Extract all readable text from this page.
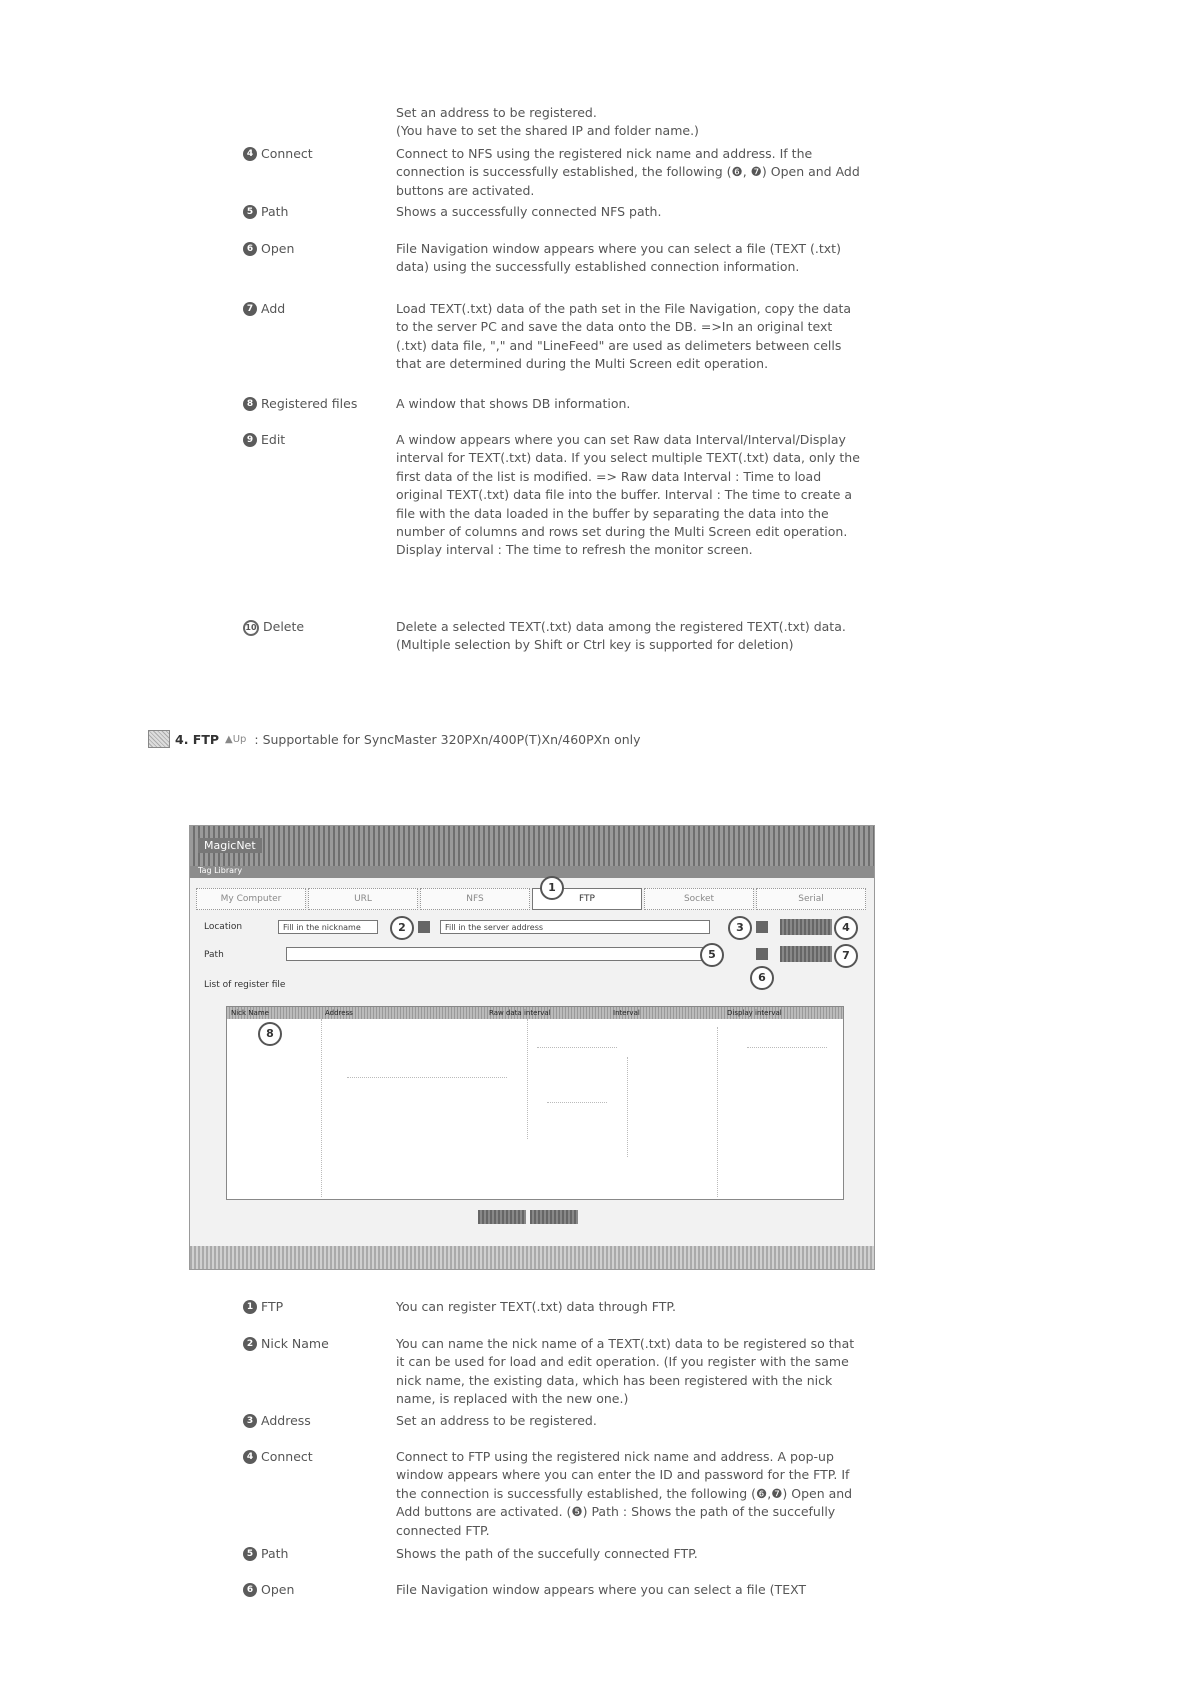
Set an address to be registered.
(You have to set the shared IP and folder name.)
4 Connect	Connect to NFS using the registered nick name and address. If the connection is successfully established, the following (❻, ❼) Open and Add buttons are activated.
5 Path	Shows a successfully connected NFS path.
6 Open	File Navigation window appears where you can select a file (TEXT (.txt) data) using the successfully established connection information.
7 Add	Load TEXT(.txt) data of the path set in the File Navigation, copy the data to the server PC and save the data onto the DB. =>In an original text (.txt) data file, "," and "LineFeed" are used as delimeters between cells that are determined during the Multi Screen edit operation.
8 Registered files	A window that shows DB information.
9 Edit	A window appears where you can set Raw data Interval/Interval/Display interval for TEXT(.txt) data. If you select multiple TEXT(.txt) data, only the first data of the list is modified. => Raw data Interval : Time to load original TEXT(.txt) data file into the buffer. Interval : The time to create a file with the data loaded in the buffer by separating the data into the number of columns and rows set during the Multi Screen edit operation. Display interval : The time to refresh the monitor screen.
10 Delete	Delete a selected TEXT(.txt) data among the registered TEXT(.txt) data. (Multiple selection by Shift or Ctrl key is supported for deletion)
4. FTP ▲Up : Supportable for SyncMaster 320PXn/400P(T)Xn/460PXn only
MagicNet
Tag Library
My Computer	URL	NFS	FTP	Socket	Serial
1
Location	Fill in the nickname	2	Fill in the server address	3	4
Path	5	7
6
List of register file
Nick Name	Address	Raw data interval	Interval	Display interval
8
1 FTP	You can register TEXT(.txt) data through FTP.
2 Nick Name	You can name the nick name of a TEXT(.txt) data to be registered so that it can be used for load and edit operation. (If you register with the same nick name, the existing data, which has been registered with the nick name, is replaced with the new one.)
3 Address	Set an address to be registered.
4 Connect	Connect to FTP using the registered nick name and address. A pop-up window appears where you can enter the ID and password for the FTP. If the connection is successfully established, the following (❻,❼) Open and Add buttons are activated. (❺) Path : Shows the path of the succefully connected FTP.
5 Path	Shows the path of the succefully connected FTP.
6 Open	File Navigation window appears where you can select a file (TEXT
